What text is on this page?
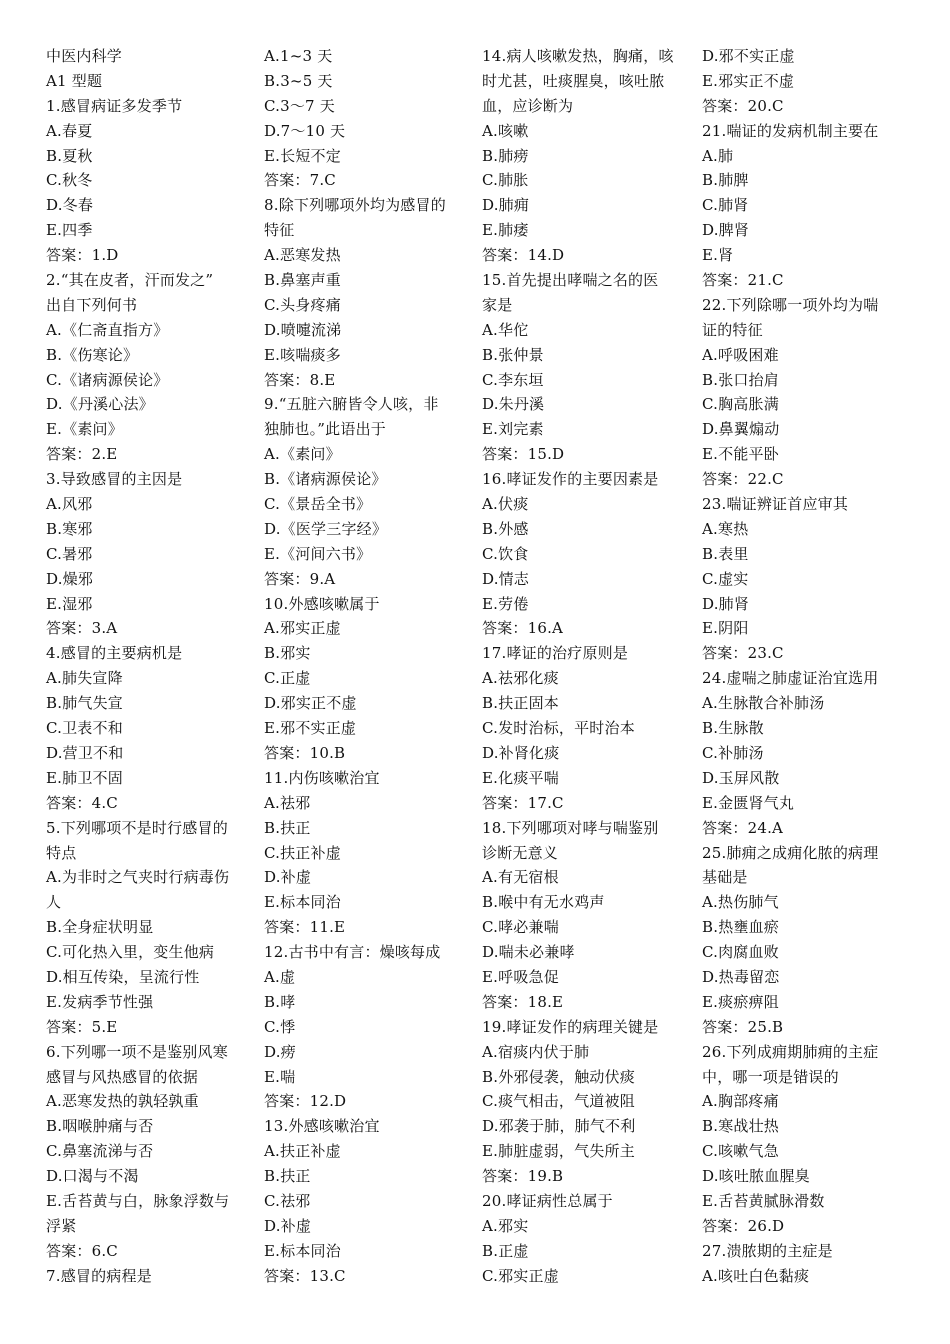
中医内科学
A1 型题
1.感冒病证多发季节
A.春夏
B.夏秋
C.秋冬
D.冬春
E.四季
答案：1.D
2.“其在皮者，汗而发之”
出自下列何书
A.《仁斋直指方》
B.《伤寒论》
C.《诸病源侯论》
D.《丹溪心法》
E.《素问》
答案：2.E
3.导致感冒的主因是
A.风邪
B.寒邪
C.暑邪
D.燥邪
E.湿邪
答案：3.A
4.感冒的主要病机是
A.肺失宣降
B.肺气失宣
C.卫表不和
D.营卫不和
E.肺卫不固
答案：4.C
5.下列哪项不是时行感冒的
特点
A.为非时之气夹时行病毒伤
人
B.全身症状明显
C.可化热入里，变生他病
D.相互传染，呈流行性
E.发病季节性强
答案：5.E
6.下列哪一项不是鉴别风寒
感冒与风热感冒的依据
A.恶寒发热的孰轻孰重
B.咽喉肿痛与否
C.鼻塞流涕与否
D.口渴与不渴
E.舌苔黄与白，脉象浮数与
浮紧
答案：6.C
7.感冒的病程是
A.1~3 天
B.3~5 天
C.3～7 天
D.7～10 天
E.长短不定
答案：7.C
8.除下列哪项外均为感冒的
特征
A.恶寒发热
B.鼻塞声重
C.头身疼痛
D.喷嚏流涕
E.咳喘痰多
答案：8.E
9.“五脏六腑皆令人咳，非
独肺也。”此语出于
A.《素问》
B.《诸病源侯论》
C.《景岳全书》
D.《医学三字经》
E.《河间六书》
答案：9.A
10.外感咳嗽属于
A.邪实正虚
B.邪实
C.正虚
D.邪实正不虚
E.邪不实正虚
答案：10.B
11.内伤咳嗽治宜
A.祛邪
B.扶正
C.扶正补虚
D.补虚
E.标本同治
答案：11.E
12.古书中有言：燥咳每成
A.虚
B.哮
C.悸
D.痨
E.喘
答案：12.D
13.外感咳嗽治宜
A.扶正补虚
B.扶正
C.祛邪
D.补虚
E.标本同治
答案：13.C
14.病人咳嗽发热，胸痛，咳
时尤甚，吐痰腥臭，咳吐脓
血，应诊断为
A.咳嗽
B.肺痨
C.肺胀
D.肺痈
E.肺痿
答案：14.D
15.首先提出哮喘之名的医
家是
A.华佗
B.张仲景
C.李东垣
D.朱丹溪
E.刘完素
答案：15.D
16.哮证发作的主要因素是
A.伏痰
B.外感
C.饮食
D.情志
E.劳倦
答案：16.A
17.哮证的治疗原则是
A.祛邪化痰
B.扶正固本
C.发时治标，平时治本
D.补肾化痰
E.化痰平喘
答案：17.C
18.下列哪项对哮与喘鉴别
诊断无意义
A.有无宿根
B.喉中有无水鸡声
C.哮必兼喘
D.喘未必兼哮
E.呼吸急促
答案：18.E
19.哮证发作的病理关键是
A.宿痰内伏于肺
B.外邪侵袭，触动伏痰
C.痰气相击，气道被阻
D.邪袭于肺，肺气不利
E.肺脏虚弱，气失所主
答案：19.B
20.哮证病性总属于
A.邪实
B.正虚
C.邪实正虚
D.邪不实正虚
E.邪实正不虚
答案：20.C
21.喘证的发病机制主要在
A.肺
B.肺脾
C.肺肾
D.脾肾
E.肾
答案：21.C
22.下列除哪一项外均为喘
证的特征
A.呼吸困难
B.张口抬肩
C.胸高胀满
D.鼻翼煽动
E.不能平卧
答案：22.C
23.喘证辨证首应审其
A.寒热
B.表里
C.虚实
D.肺肾
E.阴阳
答案：23.C
24.虚喘之肺虚证治宜选用
A.生脉散合补肺汤
B.生脉散
C.补肺汤
D.玉屏风散
E.金匮肾气丸
答案：24.A
25.肺痈之成痈化脓的病理
基础是
A.热伤肺气
B.热壅血瘀
C.肉腐血败
D.热毒留恋
E.痰瘀痹阻
答案：25.B
26.下列成痈期肺痈的主症
中，哪一项是错误的
A.胸部疼痛
B.寒战壮热
C.咳嗽气急
D.咳吐脓血腥臭
E.舌苔黄腻脉滑数
答案：26.D
27.溃脓期的主症是
A.咳吐白色黏痰
